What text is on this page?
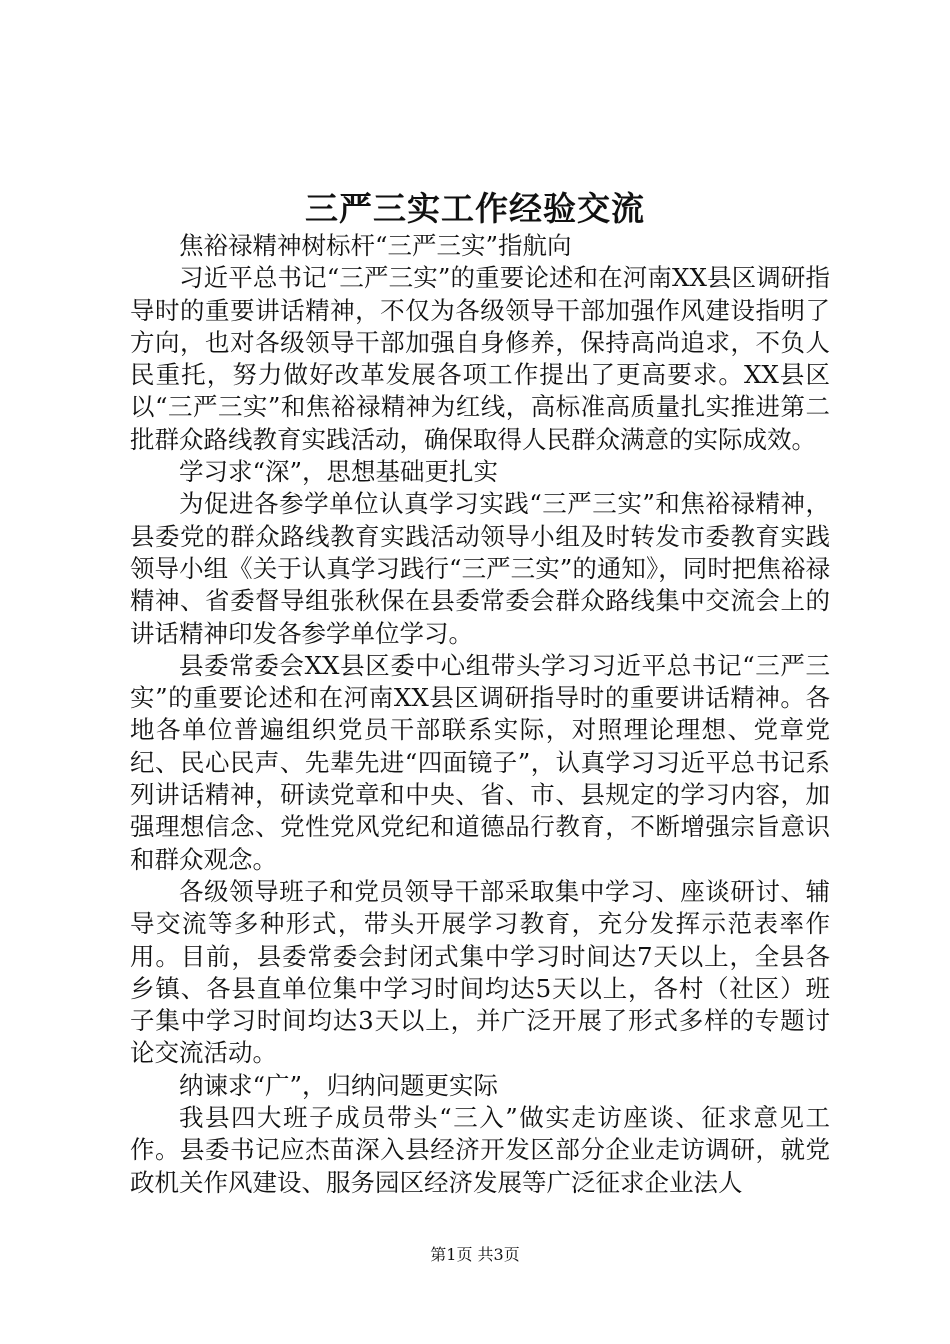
三严三实工作经验交流

焦裕禄精神树标杆“三严三实”指航向

习近平总书记“三严三实”的重要论述和在河南XX县区调研指导时的重要讲话精神，不仅为各级领导干部加强作风建设指明了方向，也对各级领导干部加强自身修养，保持高尚追求，不负人民重托，努力做好改革发展各项工作提出了更高要求。XX县区以“三严三实”和焦裕禄精神为红线，高标准高质量扎实推进第二批群众路线教育实践活动，确保取得人民群众满意的实际成效。

学习求“深”，思想基础更扎实

为促进各参学单位认真学习实践“三严三实”和焦裕禄精神，县委党的群众路线教育实践活动领导小组及时转发市委教育实践领导小组《关于认真学习践行“三严三实”的通知》，同时把焦裕禄精神、省委督导组张秋保在县委常委会群众路线集中交流会上的讲话精神印发各参学单位学习。

县委常委会XX县区委中心组带头学习习近平总书记“三严三实”的重要论述和在河南XX县区调研指导时的重要讲话精神。各地各单位普遍组织党员干部联系实际，对照理论理想、党章党纪、民心民声、先辈先进“四面镜子”，认真学习习近平总书记系列讲话精神，研读党章和中央、省、市、县规定的学习内容，加强理想信念、党性党风党纪和道德品行教育，不断增强宗旨意识和群众观念。

各级领导班子和党员领导干部采取集中学习、座谈研讨、辅导交流等多种形式，带头开展学习教育，充分发挥示范表率作用。目前，县委常委会封闭式集中学习时间达7天以上，全县各乡镇、各县直单位集中学习时间均达5天以上，各村（社区）班子集中学习时间均达3天以上，并广泛开展了形式多样的专题讨论交流活动。

纳谏求“广”，归纳问题更实际

我县四大班子成员带头“三入”做实走访座谈、征求意见工作。县委书记应杰苗深入县经济开发区部分企业走访调研，就党政机关作风建设、服务园区经济发展等广泛征求企业法人

第1页 共3页
